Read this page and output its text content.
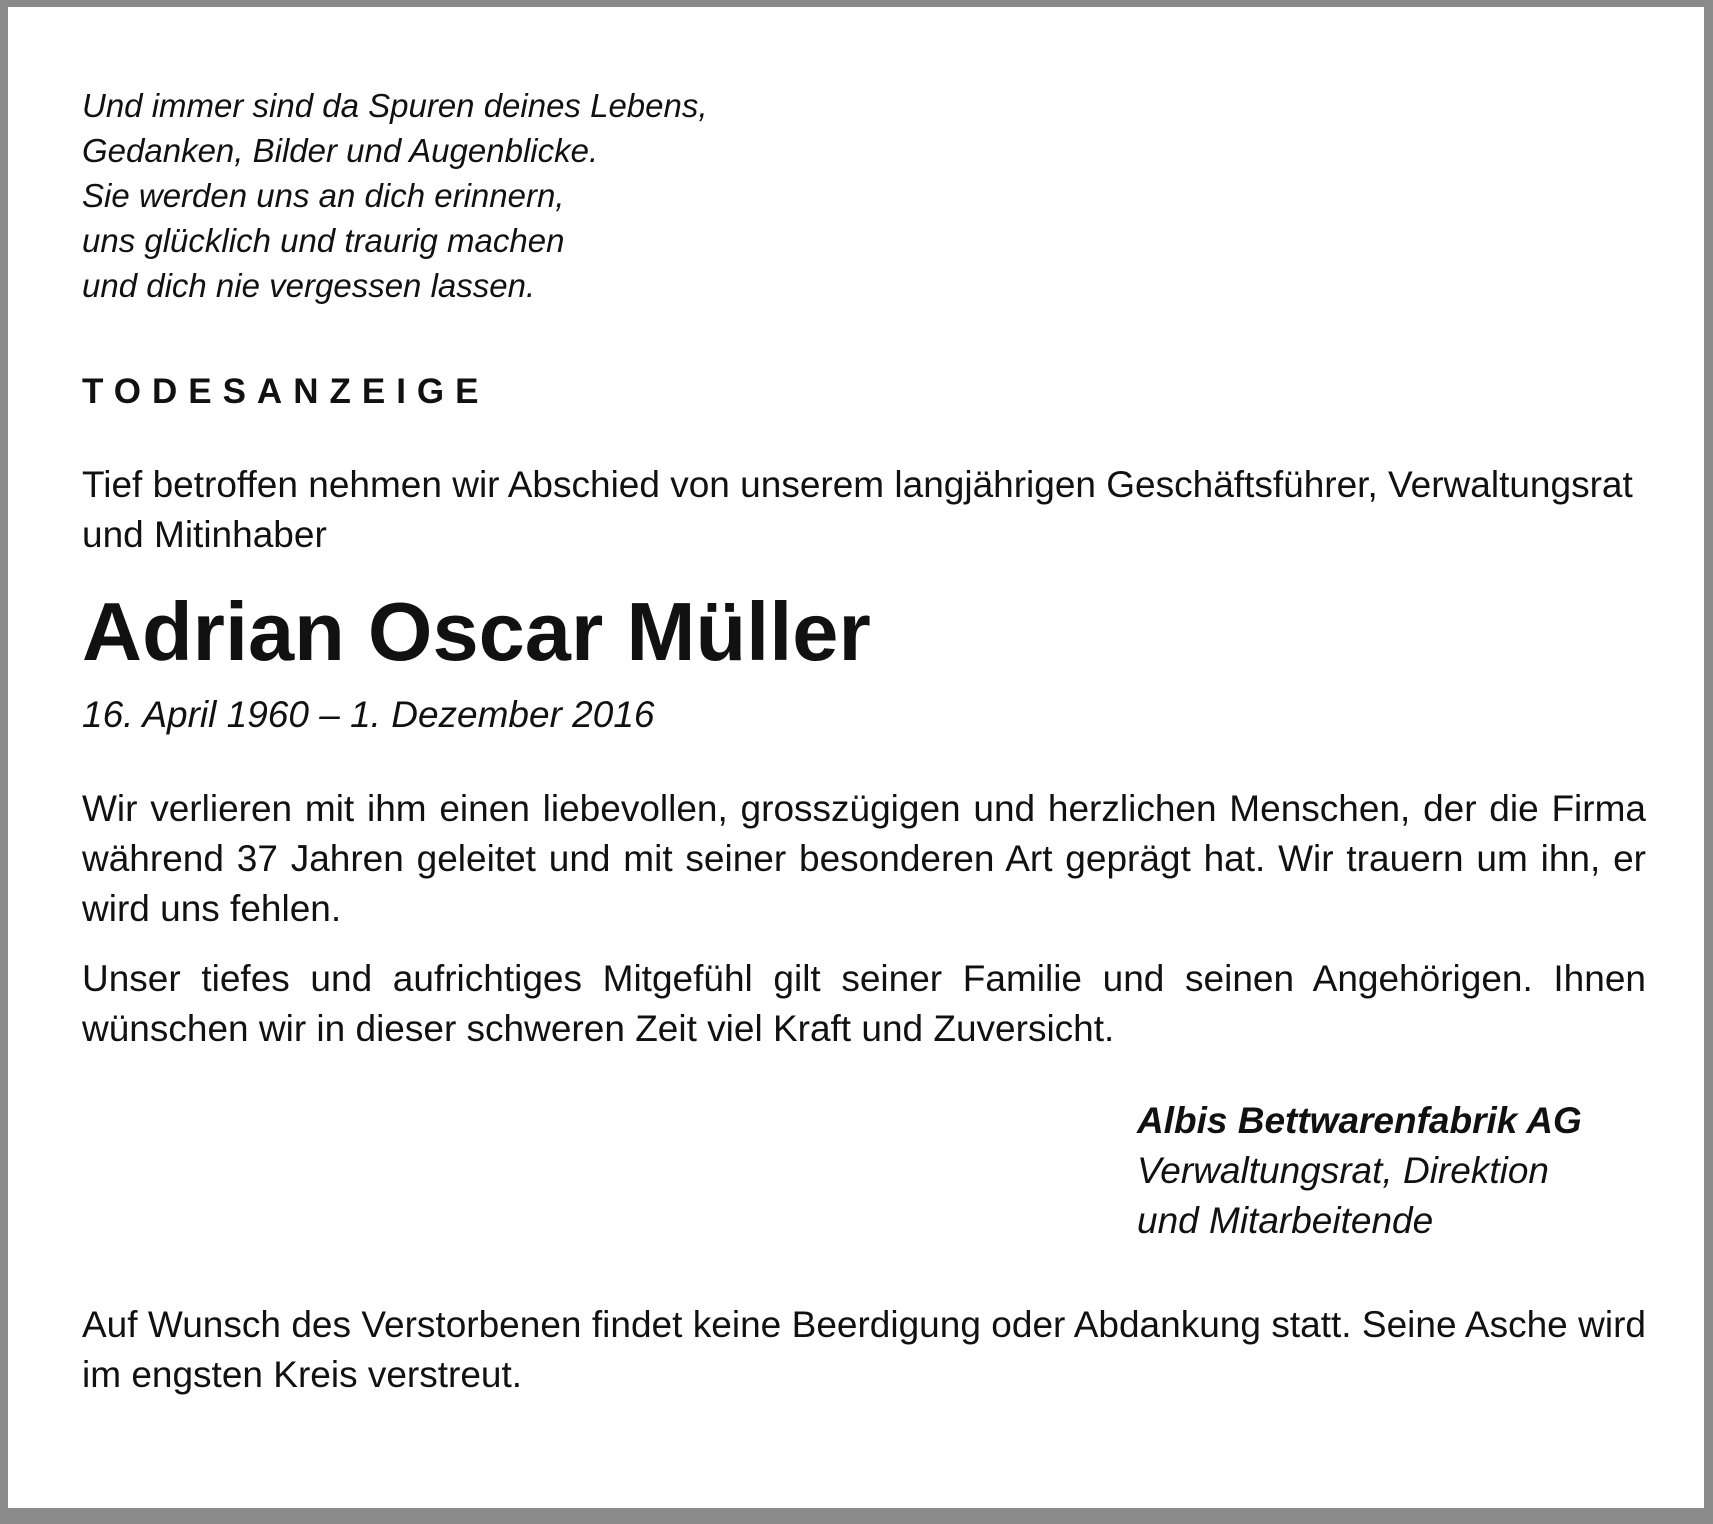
Und immer sind da Spuren deines Lebens,
Gedanken, Bilder und Augenblicke.
Sie werden uns an dich erinnern,
uns glücklich und traurig machen
und dich nie vergessen lassen.
TODESANZEIGE
Tief betroffen nehmen wir Abschied von unserem langjährigen Geschäftsführer, Verwaltungsrat und Mitinhaber
Adrian Oscar Müller
16. April 1960 – 1. Dezember 2016
Wir verlieren mit ihm einen liebevollen, grosszügigen und herzlichen Menschen, der die Firma während 37 Jahren geleitet und mit seiner besonderen Art geprägt hat. Wir trauern um ihn, er wird uns fehlen.
Unser tiefes und aufrichtiges Mitgefühl gilt seiner Familie und seinen Angehörigen. Ihnen wünschen wir in dieser schweren Zeit viel Kraft und Zuversicht.
Albis Bettwarenfabrik AG
Verwaltungsrat, Direktion
und Mitarbeitende
Auf Wunsch des Verstorbenen findet keine Beerdigung oder Abdankung statt. Seine Asche wird im engsten Kreis verstreut.
